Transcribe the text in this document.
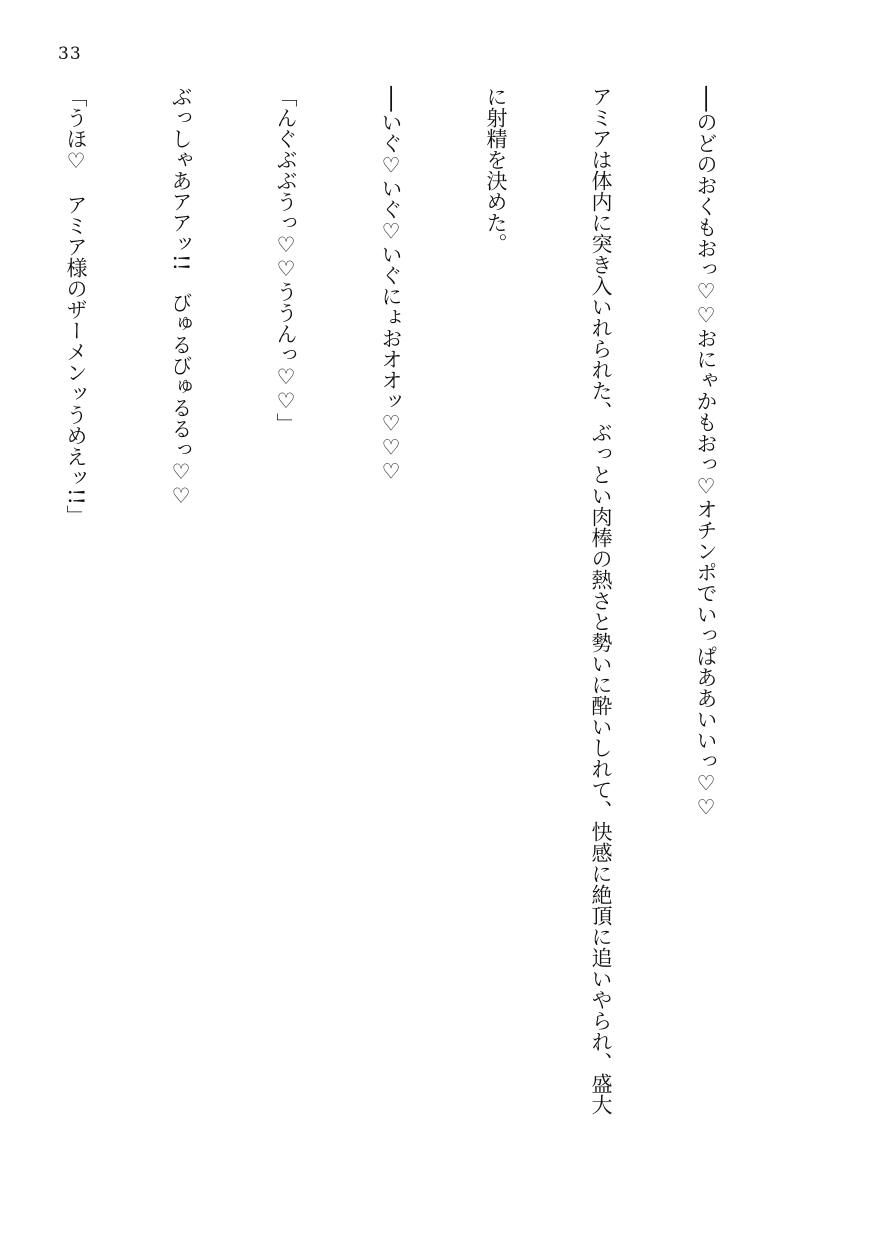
33

──のどのおくもおっ♡♡おにゃかもおっ♡オチンポでいっぱああいいっ♡♡

アミアは体内に突き入いれられた、ぶっとい肉棒の熱さと勢いに酔いしれて、快感に絶頂に追いやられ、盛大

に射精を決めた。

──いぐ♡いぐ♡いぐにょおオオッ♡♡♡

「んぐぶぶうっ♡♡ううんっ♡♡」

ぶっしゃあアアッ!!　びゅるびゅるるっ♡♡

「うほ♡　アミア様のザーメンッうめえッ!!」
